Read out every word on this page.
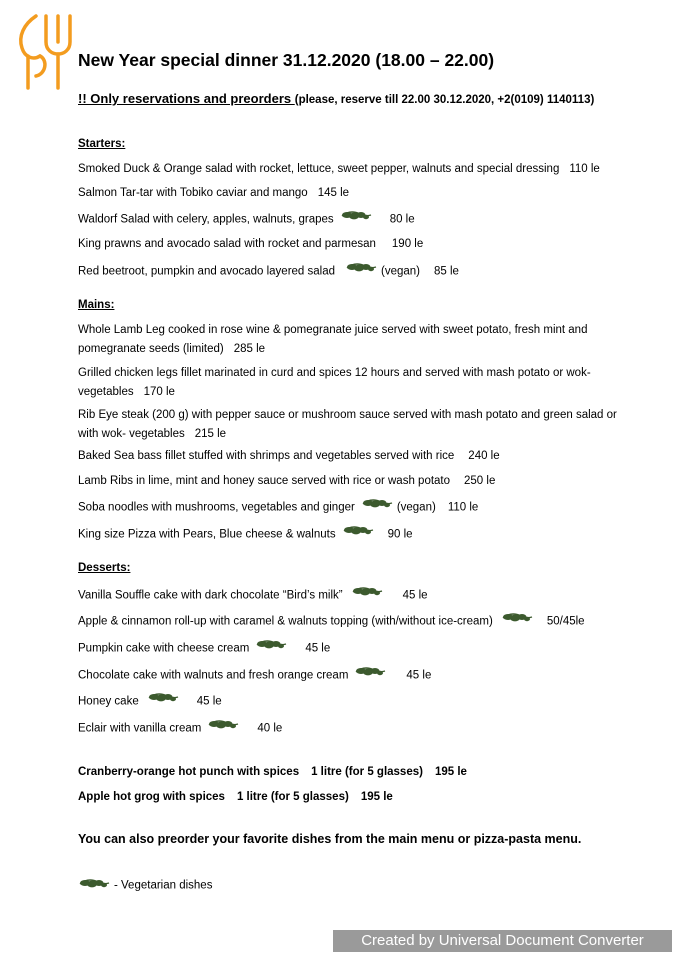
New Year special dinner 31.12.2020 (18.00 – 22.00)
!! Only reservations and preorders (please, reserve till 22.00 30.12.2020, +2(0109) 1140113)
Starters:
Smoked Duck & Orange salad with rocket, lettuce, sweet pepper, walnuts and special dressing 110 le
Salmon Tar-tar with Tobiko caviar and mango 145 le
Waldorf Salad with celery, apples, walnuts, grapes	80 le
King prawns and avocado salad with rocket and parmesan 190 le
Red beetroot, pumpkin and avocado layered salad	(vegan) 85 le
Mains:
Whole Lamb Leg cooked in rose wine & pomegranate juice served with sweet potato, fresh mint and pomegranate seeds (limited) 285 le
Grilled chicken legs fillet marinated in curd and spices 12 hours and served with mash potato or wok-vegetables 170 le
Rib Eye steak (200 g) with pepper sauce or mushroom sauce served with mash potato and green salad or with wok- vegetables 215 le
Baked Sea bass fillet stuffed with shrimps and vegetables served with rice 240 le
Lamb Ribs in lime, mint and honey sauce served with rice or wash potato 250 le
Soba noodles with mushrooms, vegetables and ginger	(vegan) 110 le
King size Pizza with Pears, Blue cheese & walnuts	90 le
Desserts:
Vanilla Souffle cake with dark chocolate “Bird’s milk”	45 le
Apple & cinnamon roll-up with caramel & walnuts topping (with/without ice-cream)	50/45le
Pumpkin cake with cheese cream	45 le
Chocolate cake with walnuts and fresh orange cream	45 le
Honey cake	45 le
Eclair with vanilla cream	40 le
Cranberry-orange hot punch with spices 1 litre (for 5 glasses) 195 le
Apple hot grog with spices 1 litre (for 5 glasses) 195 le
You can also preorder your favorite dishes from the main menu or pizza-pasta menu.
- Vegetarian dishes
Created by Universal Document Converter
